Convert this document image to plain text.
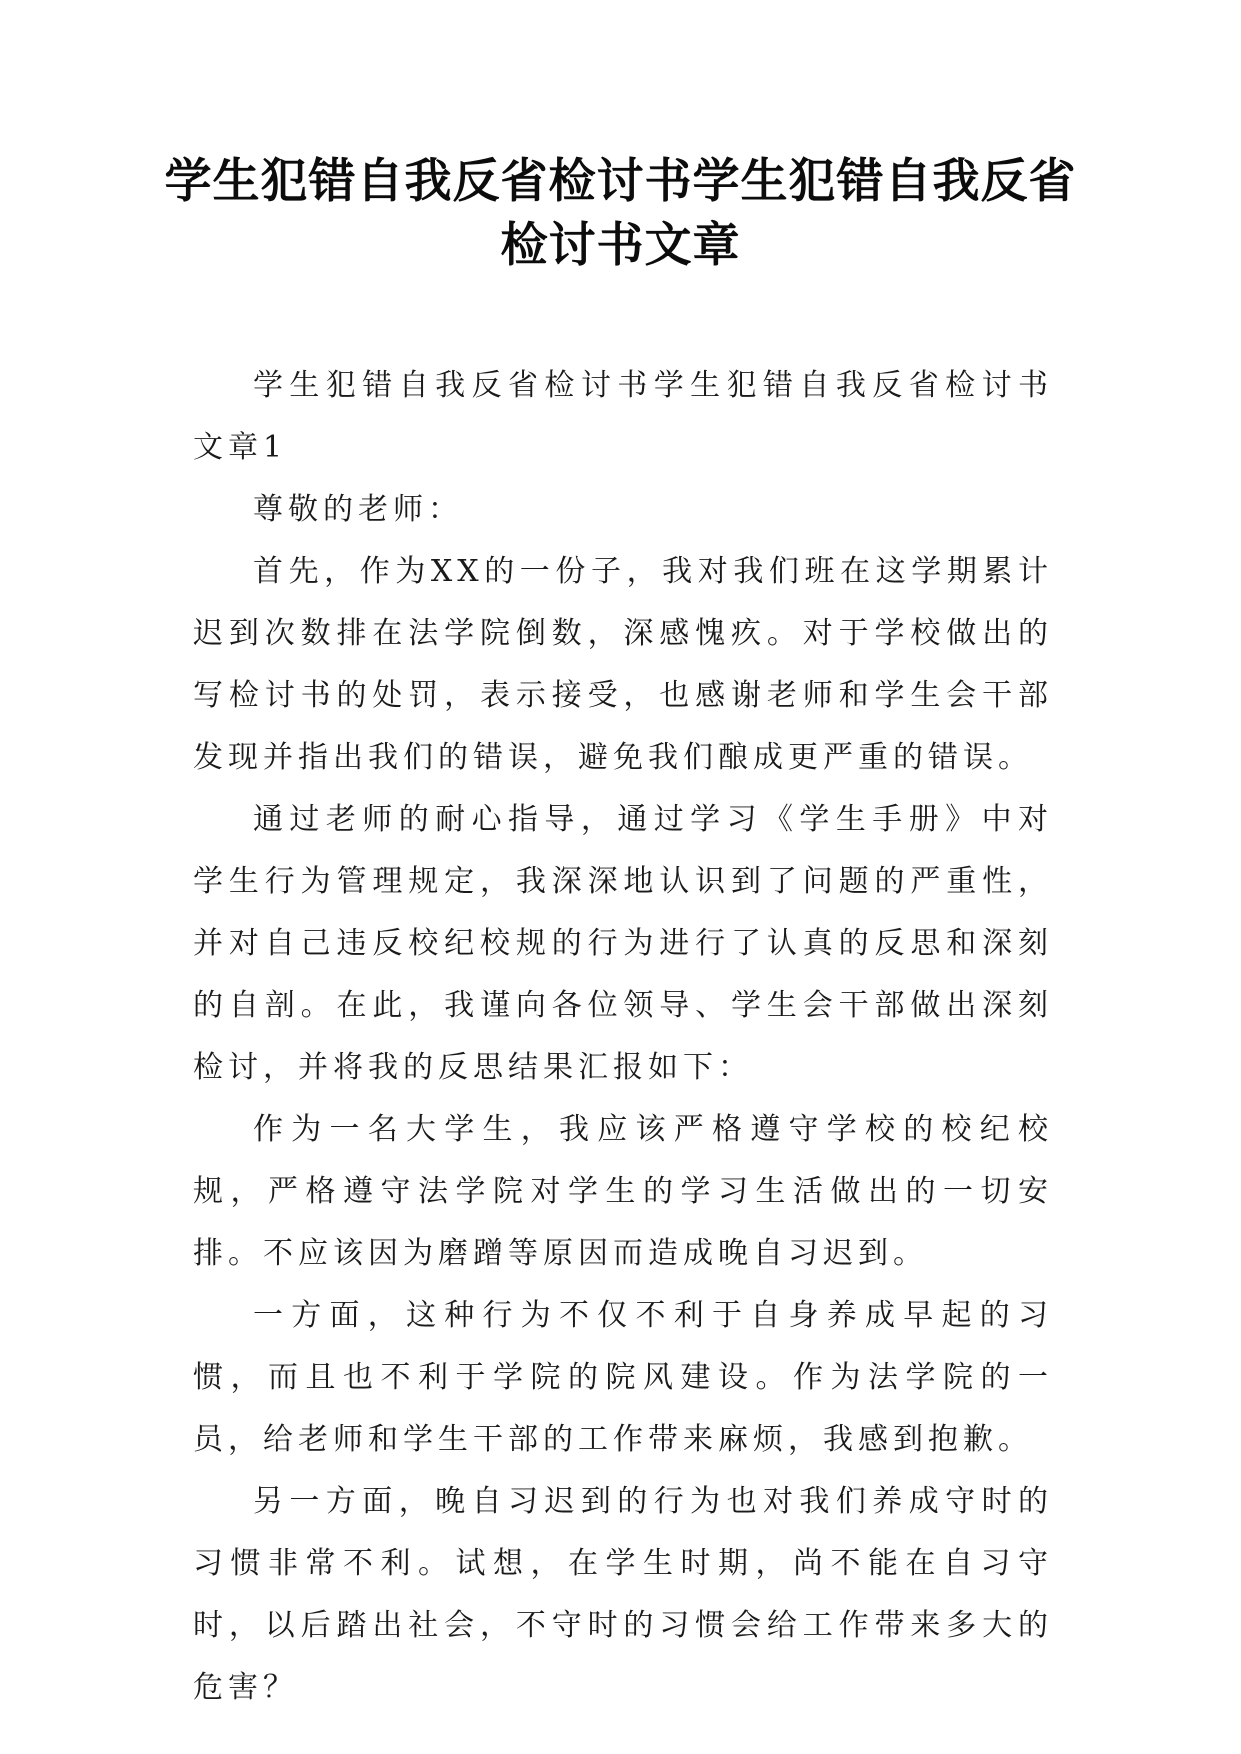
学生犯错自我反省检讨书学生犯错自我反省检讨书文章

学生犯错自我反省检讨书学生犯错自我反省检讨书文章1

尊敬的老师：

首先，作为XX的一份子，我对我们班在这学期累计迟到次数排在法学院倒数，深感愧疚。对于学校做出的写检讨书的处罚，表示接受，也感谢老师和学生会干部发现并指出我们的错误，避免我们酿成更严重的错误。

通过老师的耐心指导，通过学习《学生手册》中对学生行为管理规定，我深深地认识到了问题的严重性，并对自己违反校纪校规的行为进行了认真的反思和深刻的自剖。在此，我谨向各位领导、学生会干部做出深刻检讨，并将我的反思结果汇报如下：

作为一名大学生，我应该严格遵守学校的校纪校规，严格遵守法学院对学生的学习生活做出的一切安排。不应该因为磨蹭等原因而造成晚自习迟到。

一方面，这种行为不仅不利于自身养成早起的习惯，而且也不利于学院的院风建设。作为法学院的一员，给老师和学生干部的工作带来麻烦，我感到抱歉。

另一方面，晚自习迟到的行为也对我们养成守时的习惯非常不利。试想，在学生时期，尚不能在自习守时，以后踏出社会，不守时的习惯会给工作带来多大的危害？
